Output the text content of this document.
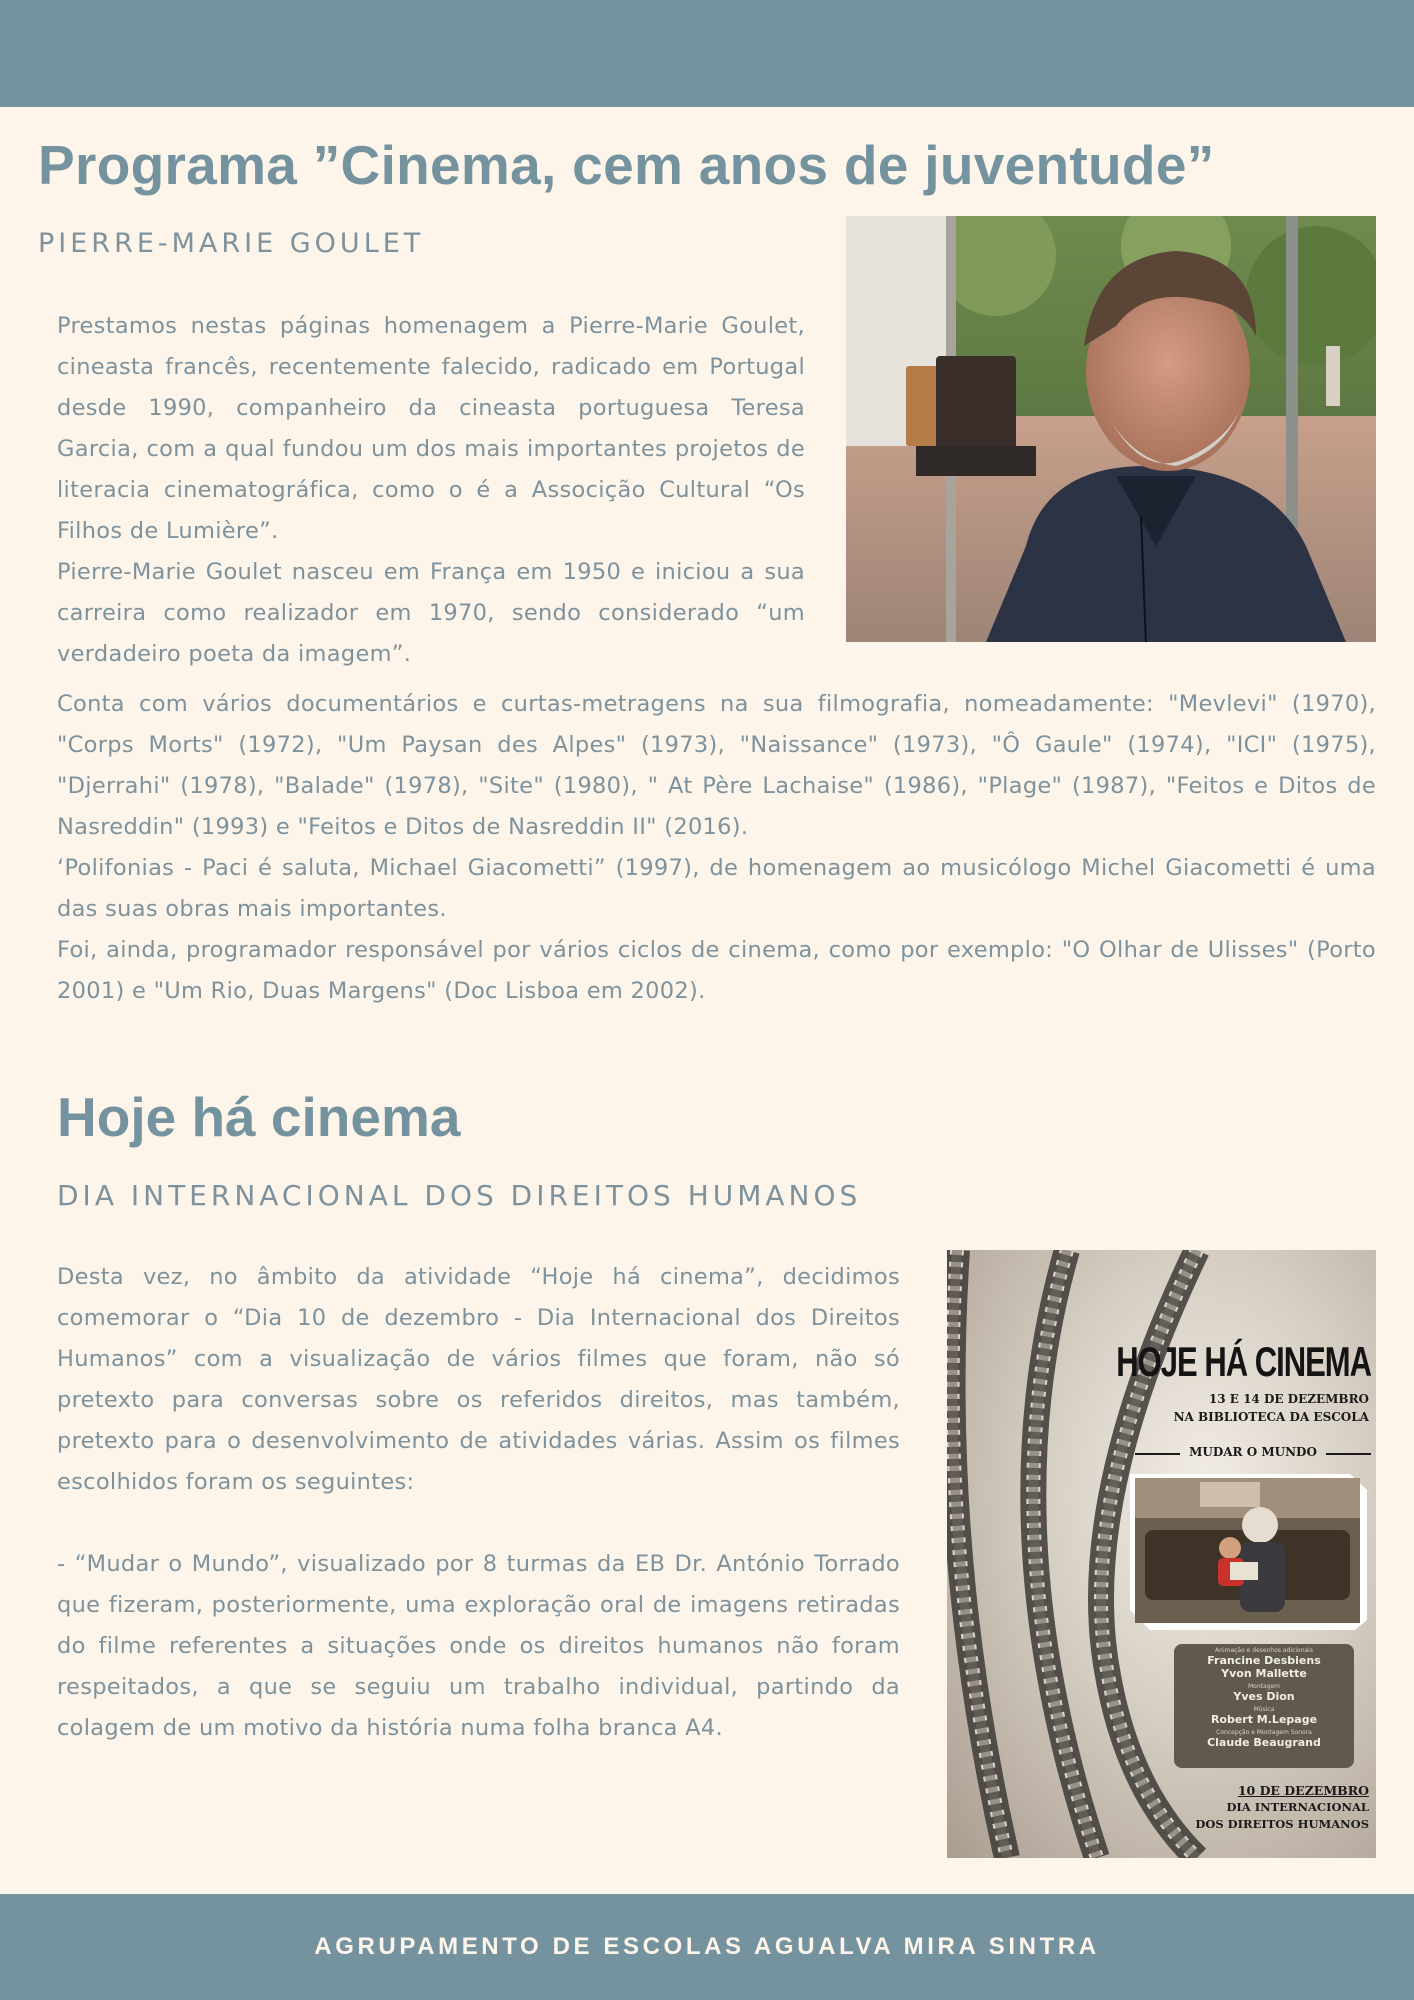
Programa ”Cinema, cem anos de juventude”
PIERRE-MARIE GOULET

Prestamos nestas páginas homenagem a Pierre-Marie Goulet, cineasta francês, recentemente falecido, radicado em Portugal desde 1990, companheiro da cineasta portuguesa Teresa Garcia, com a qual fundou um dos mais importantes projetos de literacia cinematográfica, como o é a Associção Cultural “Os Filhos de Lumière”.

Pierre-Marie Goulet nasceu em França em 1950 e iniciou a sua carreira como realizador em 1970, sendo considerado “um verdadeiro poeta da imagem”.

Conta com vários documentários e curtas-metragens na sua filmografia, nomeadamente: "Mevlevi" (1970), "Corps Morts" (1972), "Um Paysan des Alpes" (1973), "Naissance" (1973), "Ô Gaule" (1974), "ICI" (1975), "Djerrahi" (1978), "Balade" (1978), "Site" (1980), " At Père Lachaise" (1986), "Plage" (1987), "Feitos e Ditos de Nasreddin" (1993) e "Feitos e Ditos de Nasreddin II" (2016).

‘Polifonias - Paci é saluta, Michael Giacometti” (1997), de homenagem ao musicólogo Michel Giacometti é uma das suas obras mais importantes.

Foi, ainda, programador responsável por vários ciclos de cinema, como por exemplo: "O Olhar de Ulisses" (Porto 2001) e "Um Rio, Duas Margens" (Doc Lisboa em 2002).

Hoje há cinema
DIA INTERNACIONAL DOS DIREITOS HUMANOS

Desta vez, no âmbito da atividade “Hoje há cinema”, decidimos comemorar o “Dia 10 de dezembro - Dia Internacional dos Direitos Humanos” com a visualização de vários filmes que foram, não só pretexto para conversas sobre os referidos direitos, mas também, pretexto para o desenvolvimento de atividades várias. Assim os filmes escolhidos foram os seguintes:

- “Mudar o Mundo”, visualizado por 8 turmas da EB Dr. António Torrado que fizeram, posteriormente, uma exploração oral de imagens retiradas do filme referentes a situações onde os direitos humanos não foram respeitados, a que se seguiu um trabalho individual, partindo da colagem de um motivo da história numa folha branca A4.

HOJE HÁ CINEMA
13 E 14 DE DEZEMBRO
NA BIBLIOTECA DA ESCOLA
MUDAR O MUNDO
Animação e desenhos adicionais
Francine Desbiens
Yvon Mallette
Montagem
Yves Dion
Música
Robert M.Lepage
Concepção e Montagem Sonora
Claude Beaugrand
10 DE DEZEMBRO
DIA INTERNACIONAL
DOS DIREITOS HUMANOS
AGRUPAMENTO DE ESCOLAS AGUALVA MIRA SINTRA
